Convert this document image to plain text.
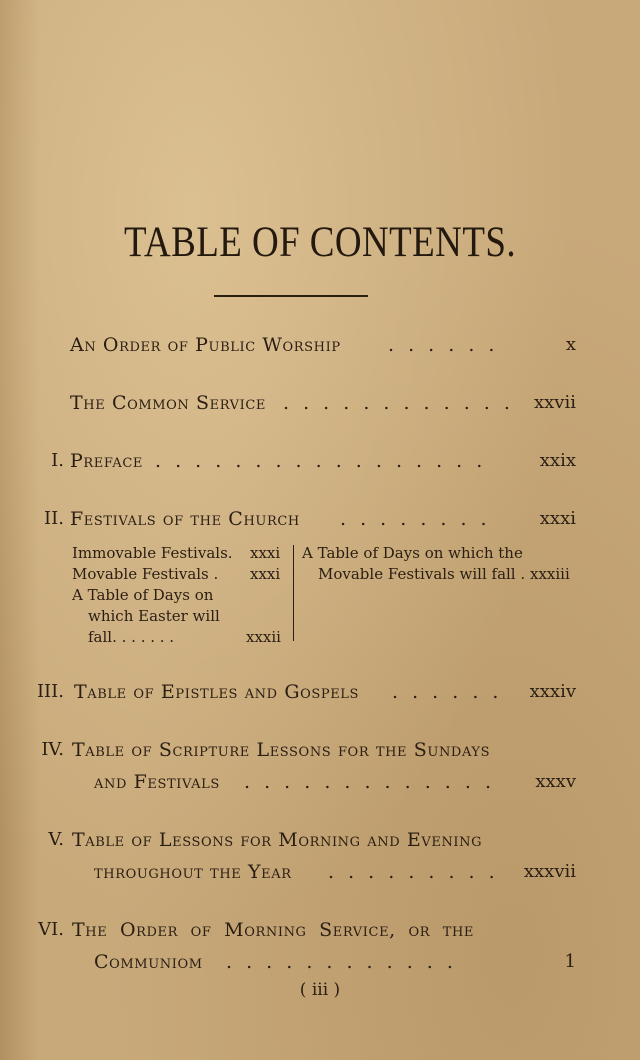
TABLE OF CONTENTS.
An Order of Public Worship . . . . . .	x
The Common Service . . . . . . . . . . . . xxvii
I. Preface . . . . . . . . . . . . . . . . .	xxix
II. Festivals of the Church . . . . . . . .	xxxi
Immovable Festivals. xxxi
Movable Festivals . xxxi
A Table of Days on
which Easter will
fall. . . . . . .	xxxii
A Table of Days on which the
Movable Festivals will fall . xxxiii
III. Table of Epistles and Gospels . . . . . . xxxiv
IV. Table of Scripture Lessons for the Sundays
and Festivals . . . . . . . . . . . . . xxxv
V. Table of Lessons for Morning and Evening
throughout the Year . . . . . . . . . xxxvii
VI. The Order of Morning Service, or the
Communiom . . . . . . . . . . . .	1
( iii )
